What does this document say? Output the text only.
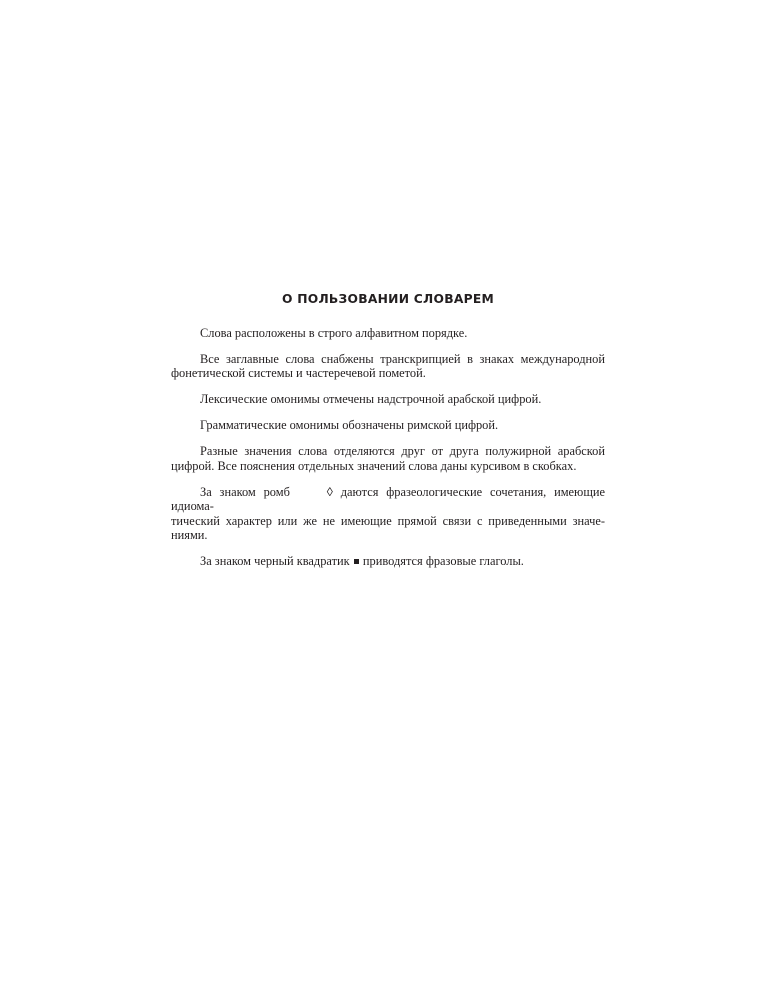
О ПОЛЬЗОВАНИИ СЛОВАРЕМ

Слова расположены в строго алфавитном порядке.

Все заглавные слова снабжены транскрипцией в знаках международной
фонетической системы и частеречевой пометой.

Лексические омонимы отмечены надстрочной арабской цифрой.

Грамматические омонимы обозначены римской цифрой.

Разные значения слова отделяются друг от друга полужирной арабской
цифрой. Все пояснения отдельных значений слова даны курсивом в скобках.

За знаком ромб	◊ даются фразеологические сочетания, имеющие идиома-
тический характер или же не имеющие прямой связи с приведенными значе-
ниями.

За знаком черный квадратик приводятся фразовые глаголы.
